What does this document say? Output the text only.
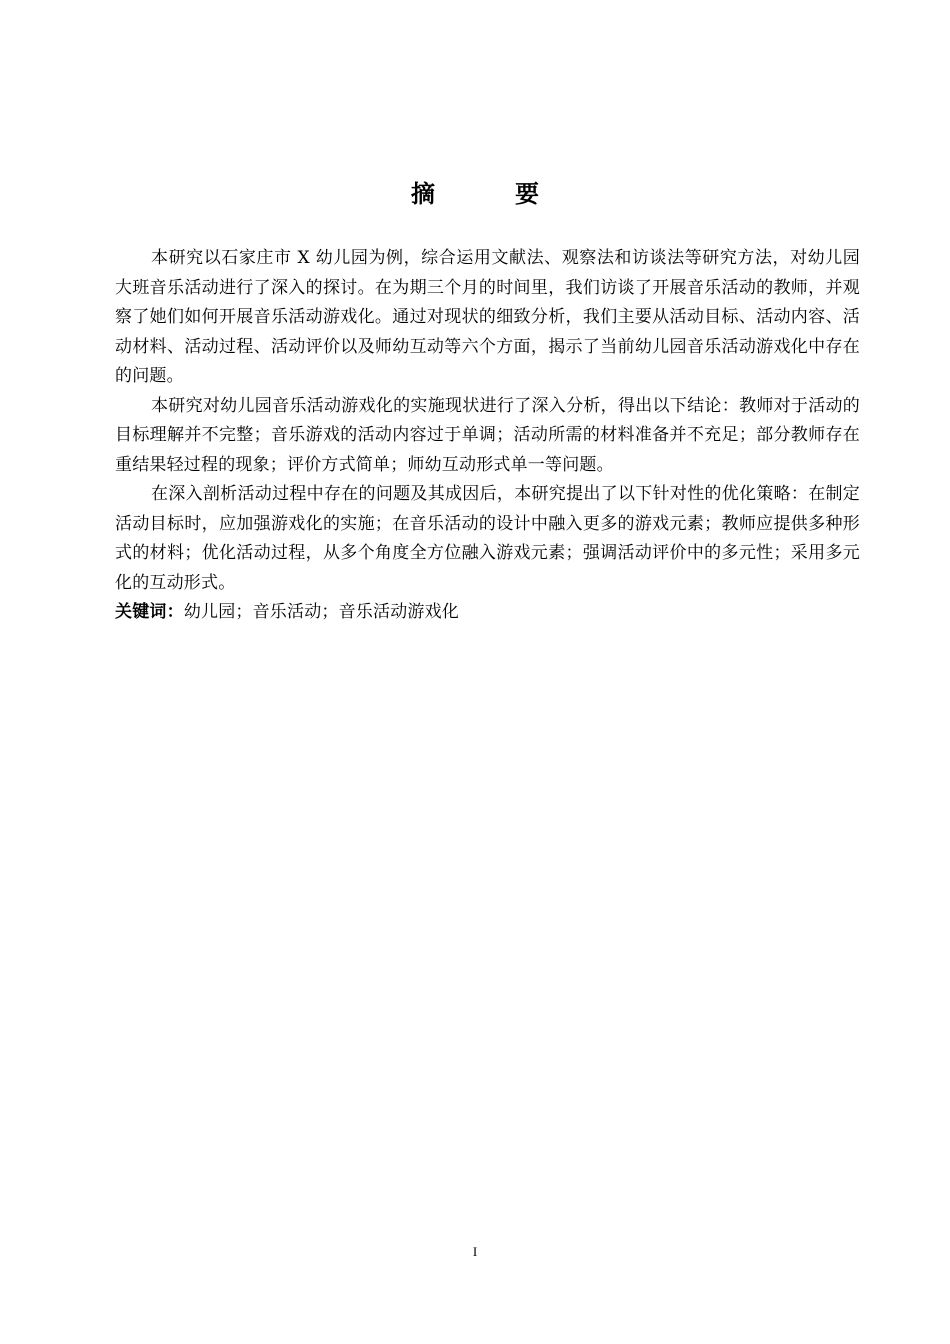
摘　要

本研究以石家庄市 X 幼儿园为例，综合运用文献法、观察法和访谈法等研究方法，对幼儿园大班音乐活动进行了深入的探讨。在为期三个月的时间里，我们访谈了开展音乐活动的教师，并观察了她们如何开展音乐活动游戏化。通过对现状的细致分析，我们主要从活动目标、活动内容、活动材料、活动过程、活动评价以及师幼互动等六个方面，揭示了当前幼儿园音乐活动游戏化中存在的问题。

本研究对幼儿园音乐活动游戏化的实施现状进行了深入分析，得出以下结论：教师对于活动的目标理解并不完整；音乐游戏的活动内容过于单调；活动所需的材料准备并不充足；部分教师存在重结果轻过程的现象；评价方式简单；师幼互动形式单一等问题。

在深入剖析活动过程中存在的问题及其成因后，本研究提出了以下针对性的优化策略：在制定活动目标时，应加强游戏化的实施；在音乐活动的设计中融入更多的游戏元素；教师应提供多种形式的材料；优化活动过程，从多个角度全方位融入游戏元素；强调活动评价中的多元性；采用多元化的互动形式。

关键词：幼儿园；音乐活动；音乐活动游戏化

I
